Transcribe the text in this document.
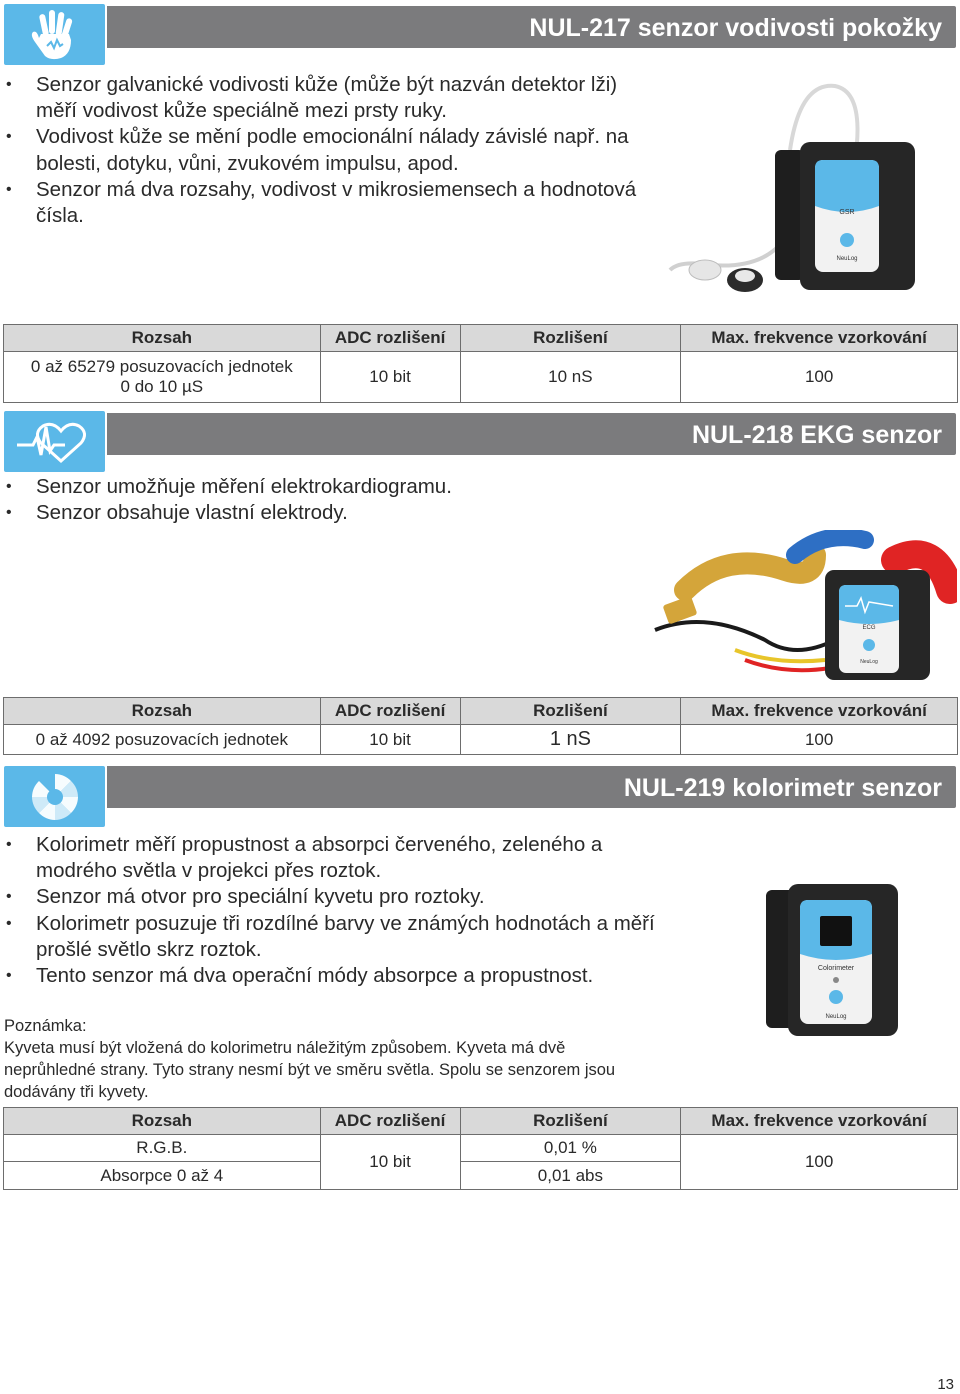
NUL-217 senzor vodivosti pokožky
• Senzor galvanické vodivosti kůže (může být nazván detektor lži) měří vodivost kůže speciálně mezi prsty ruky.
• Vodivost kůže se mění podle emocionální nálady závislé např. na bolesti, dotyku, vůni, zvukovém impulsu, apod.
• Senzor má dva rozsahy, vodivost v mikrosiemensech a hodnotová čísla.	GSR
NeuLog
Rozsah	ADC rozlišení	Rozlišení	Max. frekvence vzorkování

0 až 65279 posuzovacích jednotek
0 do 10 µS	10 bit	10 nS	100
NUL-218 EKG senzor
• Senzor umožňuje měření elektrokardiogramu.
• Senzor obsahuje vlastní elektrody.
ECG
NeuLog
Rozsah	ADC rozlišení	Rozlišení	Max. frekvence vzorkování
0 až 4092 posuzovacích jednotek	10 bit	1 nS	100
NUL-219 kolorimetr senzor
• Kolorimetr měří propustnost a absorpci červeného, zeleného a modrého světla v projekci přes roztok.
• Senzor má otvor pro speciální kyvetu pro roztoky.
• Kolorimetr posuzuje tři rozdílné barvy ve známých hodnotách a měří prošlé světlo skrz roztok.
• Tento senzor má dva operační módy absorpce a propustnost.	Colorimeter
NeuLog
Poznámka:
Kyveta musí být vložená do kolorimetru náležitým způsobem. Kyveta má dvě neprůhledné strany. Tyto strany nesmí být ve směru světla. Spolu se senzorem jsou dodávány tři kyvety.
Rozsah	ADC rozlišení	Rozlišení	Max. frekvence vzorkování
R.G.B.	10 bit	0,01 %	100
Absorpce 0 až 4		0,01 abs	
13
